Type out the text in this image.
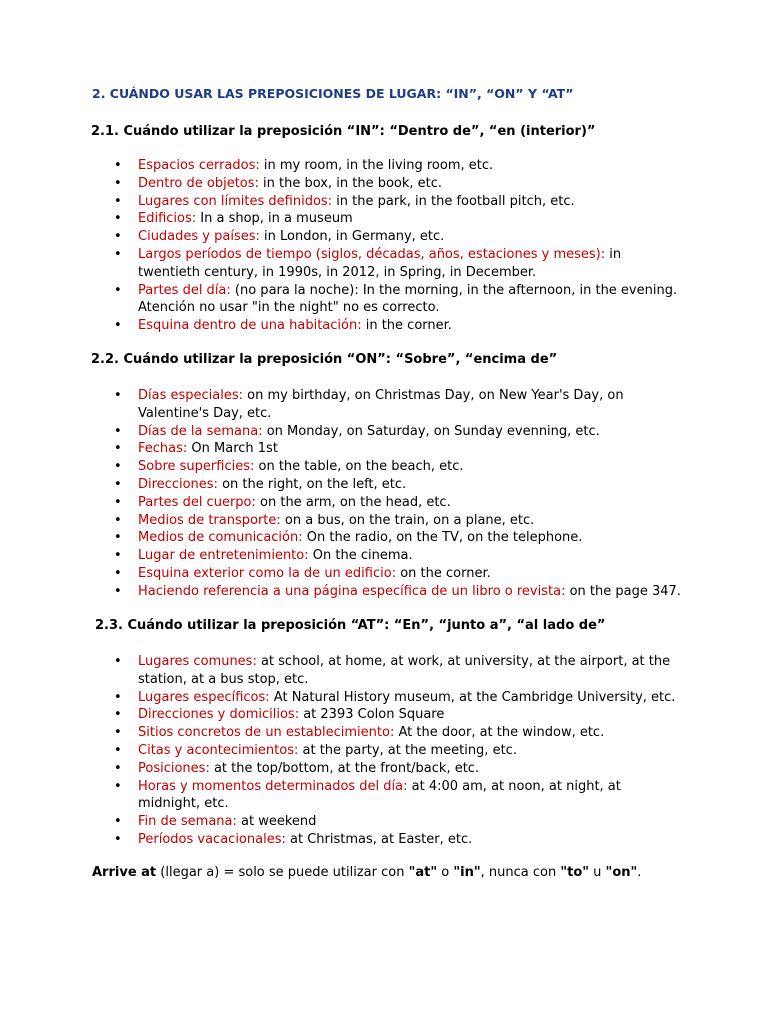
2. CUÁNDO USAR LAS PREPOSICIONES DE LUGAR: “IN”, “ON” Y “AT”
2.1. Cuándo utilizar la preposición “IN”: “Dentro de”, “en (interior)”
• Espacios cerrados: in my room, in the living room, etc.
• Dentro de objetos: in the box, in the book, etc.
• Lugares con límites definidos: in the park, in the football pitch, etc.
• Edificios: In a shop, in a museum
• Ciudades y países: in London, in Germany, etc.
• Largos períodos de tiempo (siglos, décadas, años, estaciones y meses): in twentieth century, in 1990s, in 2012, in Spring, in December.
• Partes del día: (no para la noche): In the morning, in the afternoon, in the evening. Atención no usar "in the night" no es correcto.
• Esquina dentro de una habitación: in the corner.
2.2. Cuándo utilizar la preposición “ON”: “Sobre”, “encima de”
• Días especiales: on my birthday, on Christmas Day, on New Year's Day, on Valentine's Day, etc.
• Días de la semana: on Monday, on Saturday, on Sunday evenning, etc.
• Fechas: On March 1st
• Sobre superficies: on the table, on the beach, etc.
• Direcciones: on the right, on the left, etc.
• Partes del cuerpo: on the arm, on the head, etc.
• Medios de transporte: on a bus, on the train, on a plane, etc.
• Medios de comunicación: On the radio, on the TV, on the telephone.
• Lugar de entretenimiento: On the cinema.
• Esquina exterior como la de un edificio: on the corner.
• Haciendo referencia a una página específica de un libro o revista: on the page 347.
2.3. Cuándo utilizar la preposición “AT”: “En”, “junto a”, “al lado de”
• Lugares comunes: at school, at home, at work, at university, at the airport, at the station, at a bus stop, etc.
• Lugares específicos: At Natural History museum, at the Cambridge University, etc.
• Direcciones y domicilios: at 2393 Colon Square
• Sitios concretos de un establecimiento: At the door, at the window, etc.
• Citas y acontecimientos: at the party, at the meeting, etc.
• Posiciones: at the top/bottom, at the front/back, etc.
• Horas y momentos determinados del día: at 4:00 am, at noon, at night, at midnight, etc.
• Fin de semana: at weekend
• Períodos vacacionales: at Christmas, at Easter, etc.
Arrive at (llegar a) = solo se puede utilizar con "at" o "in", nunca con "to" u "on".
